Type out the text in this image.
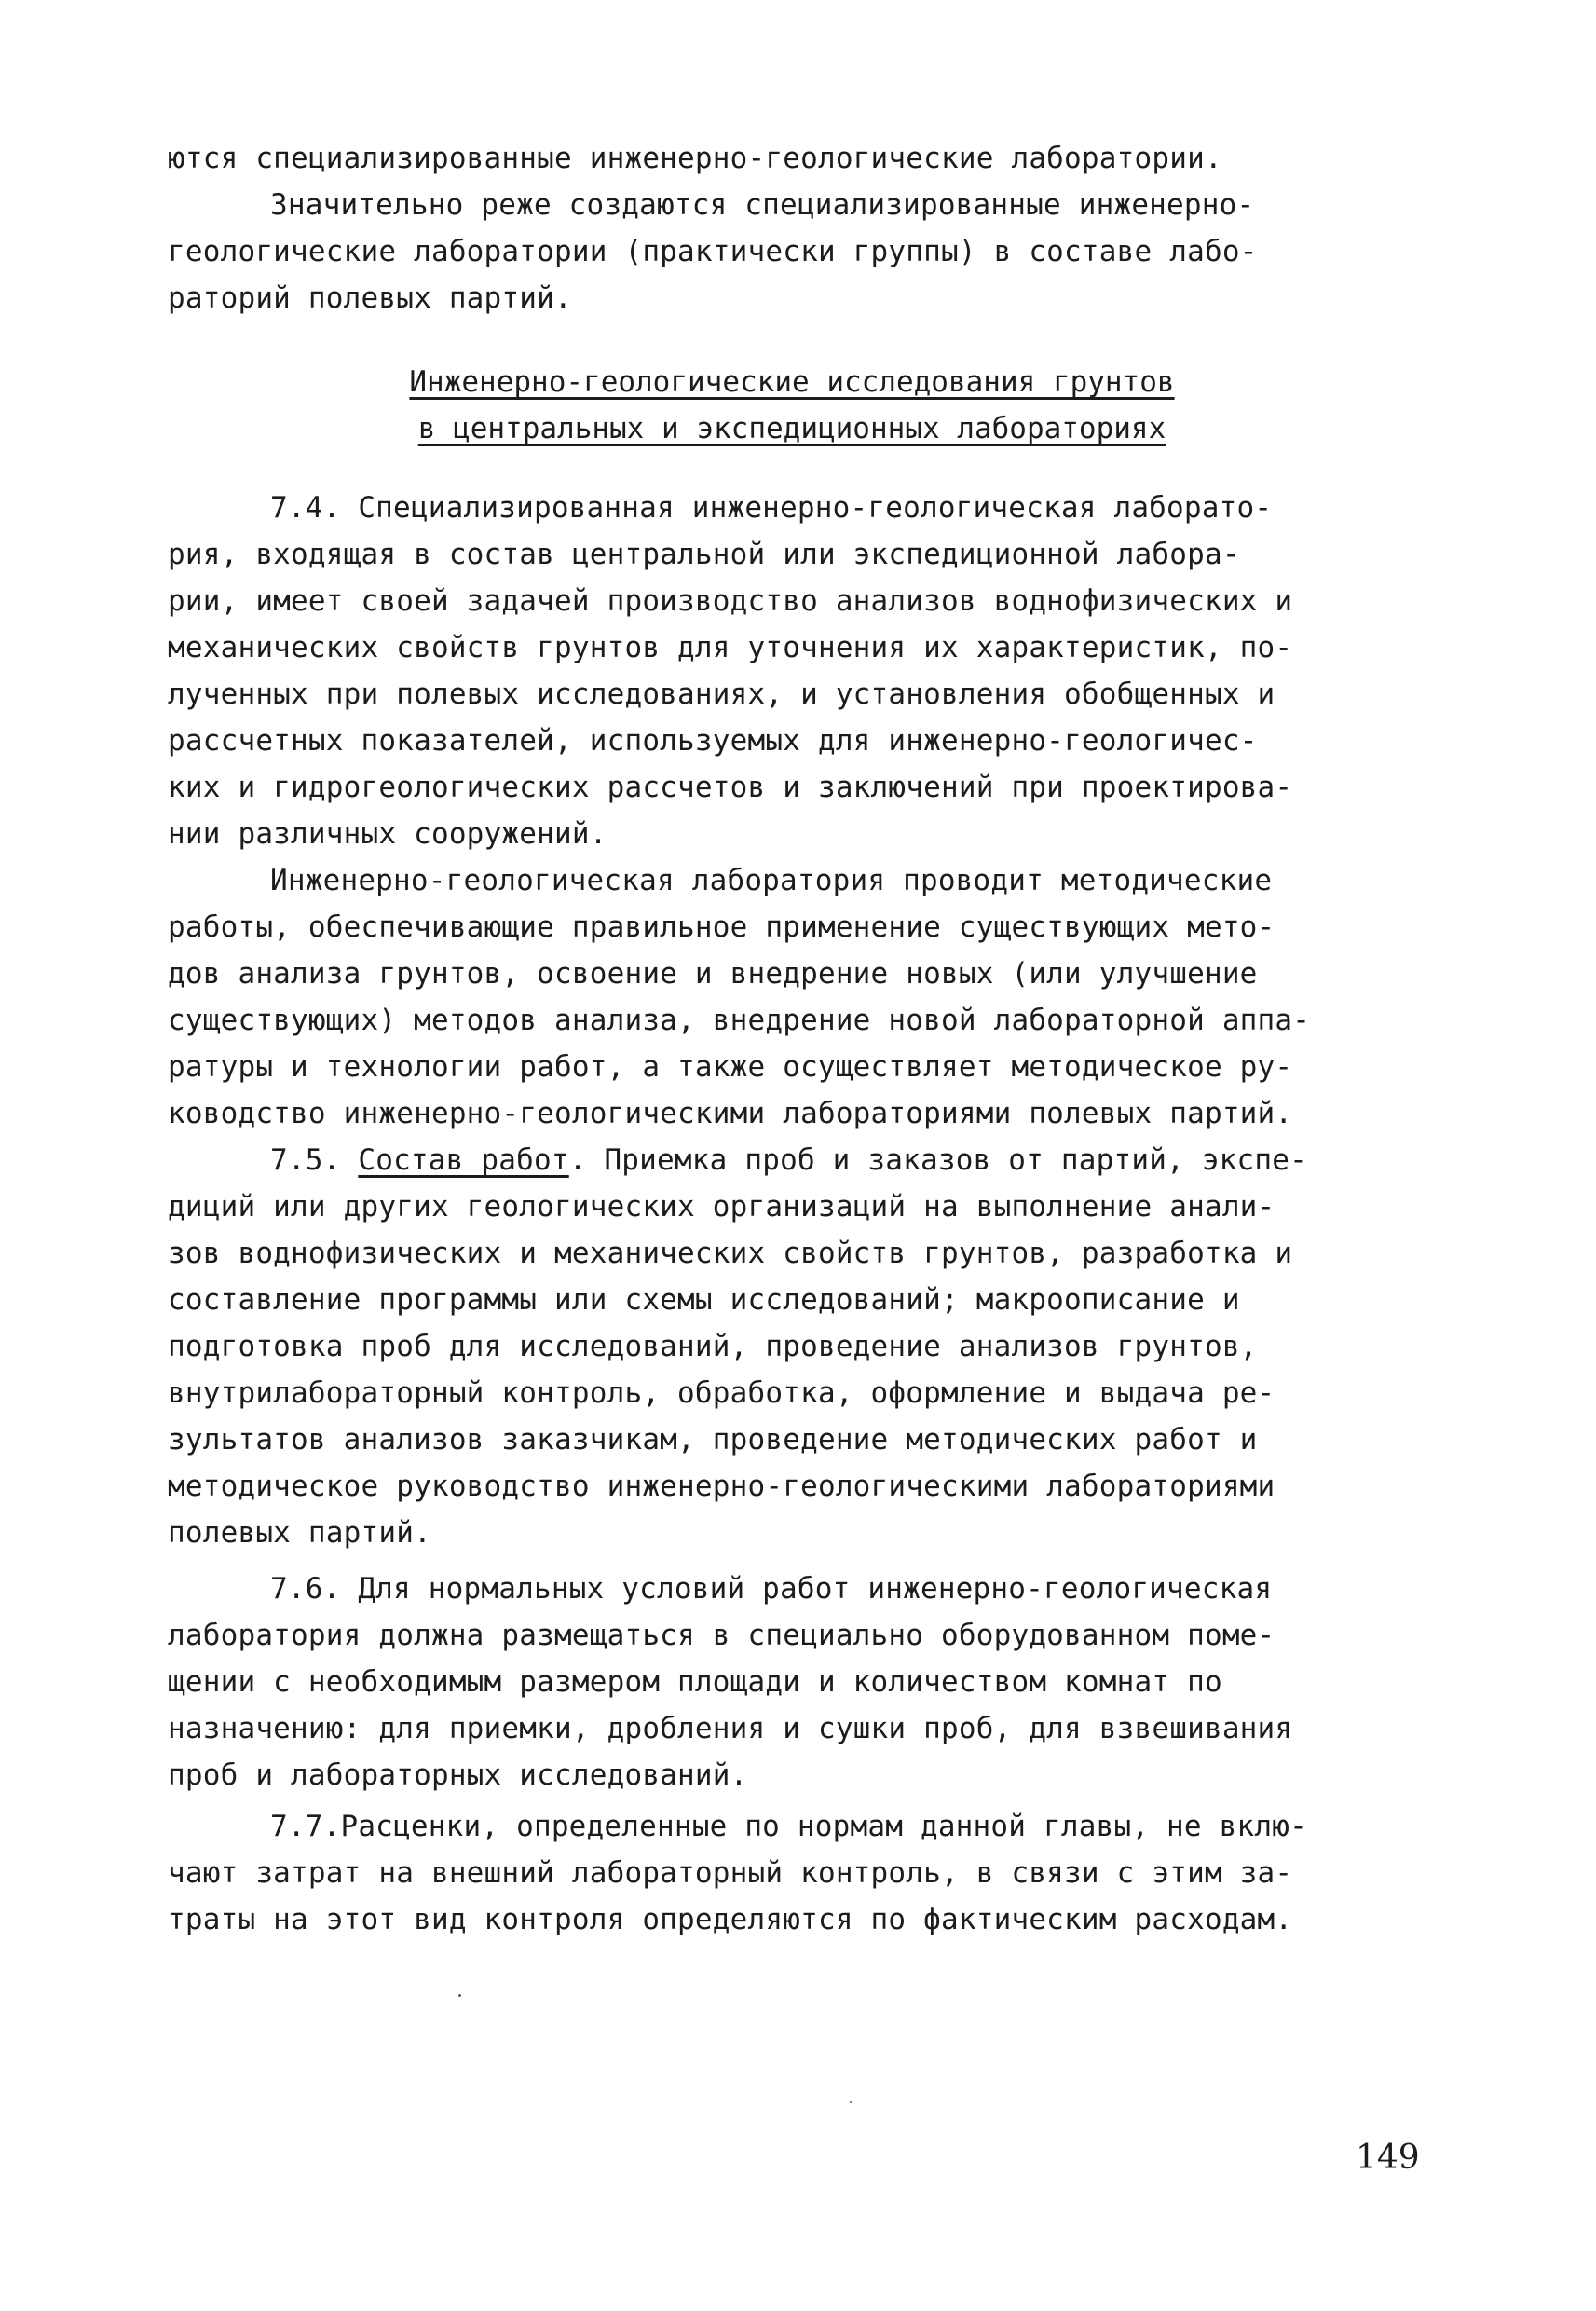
ются специализированные инженерно-геологические лаборатории.
Значительно реже создаются специализированные инженерно-
геологические лаборатории (практически группы) в составе лабо-
раторий полевых партий.
Инженерно-геологические исследования грунтов
в центральных и экспедиционных лабораториях
7.4. Специализированная инженерно-геологическая лаборато-
рия, входящая в состав центральной или экспедиционной лабора-
рии, имеет своей задачей производство анализов воднофизических и
механических свойств грунтов для уточнения их характеристик, по-
лученных при полевых исследованиях, и установления обобщенных и
рассчетных показателей, используемых для инженерно-геологичес-
ких и гидрогеологических рассчетов и заключений при проектирова-
нии различных сооружений.
Инженерно-геологическая лаборатория проводит методические
работы, обеспечивающие правильное применение существующих мето-
дов анализа грунтов, освоение и внедрение новых (или улучшение
существующих) методов анализа, внедрение новой лабораторной аппа-
ратуры и технологии работ, а также осуществляет методическое ру-
ководство инженерно-геологическими лабораториями полевых партий.
7.5. Состав работ. Приемка проб и заказов от партий, экспе-
диций или других геологических организаций на выполнение анали-
зов воднофизических и механических свойств грунтов, разработка и
составление программы или схемы исследований; макроописание и
подготовка проб для исследований, проведение анализов грунтов,
внутрилабораторный контроль, обработка, оформление и выдача ре-
зультатов анализов заказчикам, проведение методических работ и
методическое руководство инженерно-геологическими лабораториями
полевых партий.
7.6. Для нормальных условий работ инженерно-геологическая
лаборатория должна размещаться в специально оборудованном поме-
щении с необходимым размером площади и количеством комнат по
назначению: для приемки, дробления и сушки проб, для взвешивания
проб и лабораторных исследований.
7.7.Расценки, определенные по нормам данной главы, не вклю-
чают затрат на внешний лабораторный контроль, в связи с этим за-
траты на этот вид контроля определяются по фактическим расходам.
149
